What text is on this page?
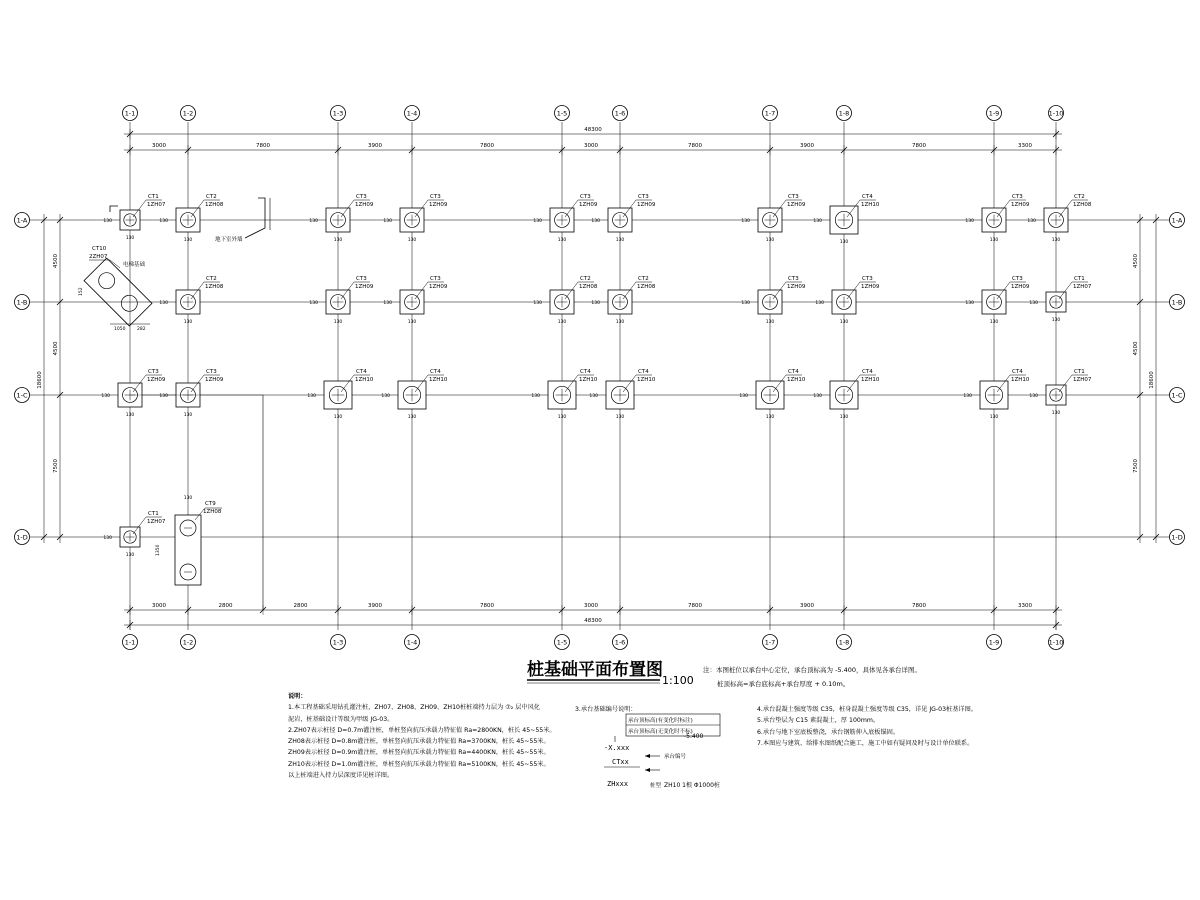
48300
3000	7800	3900	7800	3000	7800	3900	7800	3300
3000	2800	2800	3900	7800	3000	7800	3900	7800	3300
48300
4500
4500
7500
18600
4500
4500
7500
18600
1-1
1-1
1-2
1-2
1-3
1-3
1-4
1-4
1-5
1-5
1-6
1-6
1-7
1-7
1-8
1-8
1-9
1-9
1-10
1-10
1-A	1-A
1-B	1-B
1-C	1-C
1-D	1-D
CT1
1ZH07
130
130
CT2
1ZH08
130
130
CT3
1ZH09
130
130
CT3
1ZH09
130
130
CT3
1ZH09
130
130
CT3
1ZH09
130
130
CT3
1ZH09
130
130
CT4
1ZH10
130
130
CT3
1ZH09
130
130
CT2
1ZH08
130
130
CT2
1ZH08
130
130
CT3
1ZH09
130
130
CT3
1ZH09
130
130
CT2
1ZH08
130
130
CT2
1ZH08
130
130
CT3
1ZH09
130
130
CT3
1ZH09
130
130
CT3
1ZH09
130
130
CT1
1ZH07
130
130
CT3
1ZH09
130
130
CT3
1ZH09
130
130
CT4
1ZH10
130
130
CT4
1ZH10
130
130
CT4
1ZH10
130
130
CT4
1ZH10
130
130
CT4
1ZH10
130
130
CT4
1ZH10
130
130
CT4
1ZH10
130
130
CT1
1ZH07
130
130
CT1
1ZH07
130
130
CT10
2ZH07
电梯基础
1050	282
152
CT9
1ZH08
1350
130
地下室外墙
桩基础平面布置图
1:100
注：本图桩位以承台中心定位，承台顶标高为 -5.400，具体见各承台详图。
桩顶标高=承台底标高+承台厚度 + 0.10m。
承台顶标高(有变化时标注)
承台顶标高(无变化时不标)
-5.400
-X.xxx
CTxx
ZHxxx
承台编号
桩型 ZH10 1根 Φ1000桩
说明：
1.本工程基础采用钻孔灌注桩，ZH07、ZH08、ZH09、ZH10桩桩端持力层为 ⑦₂ 层中风化
泥岩，桩基础设计等级为甲级 JG-03。
2.ZH07表示桩径 D=0.7m灌注桩，单桩竖向抗压承载力特征值 Ra=2800KN，桩长 45~55米。
ZH08表示桩径 D=0.8m灌注桩，单桩竖向抗压承载力特征值 Ra=3700KN，桩长 45~55米。
ZH09表示桩径 D=0.9m灌注桩，单桩竖向抗压承载力特征值 Ra=4400KN，桩长 45~55米。
ZH10表示桩径 D=1.0m灌注桩，单桩竖向抗压承载力特征值 Ra=5100KN，桩长 45~55米。
以上桩端进入持力层深度详见桩详图。
3.承台基础编号说明：	4.承台混凝土强度等级 C35，桩身混凝土强度等级 C35，详见 JG-03桩基详图。
5.承台垫层为 C15 素混凝土，厚 100mm。
6.承台与地下室底板整浇，承台钢筋伸入底板锚固。
7.本图应与建筑、给排水图纸配合施工，施工中如有疑问及时与设计单位联系。
